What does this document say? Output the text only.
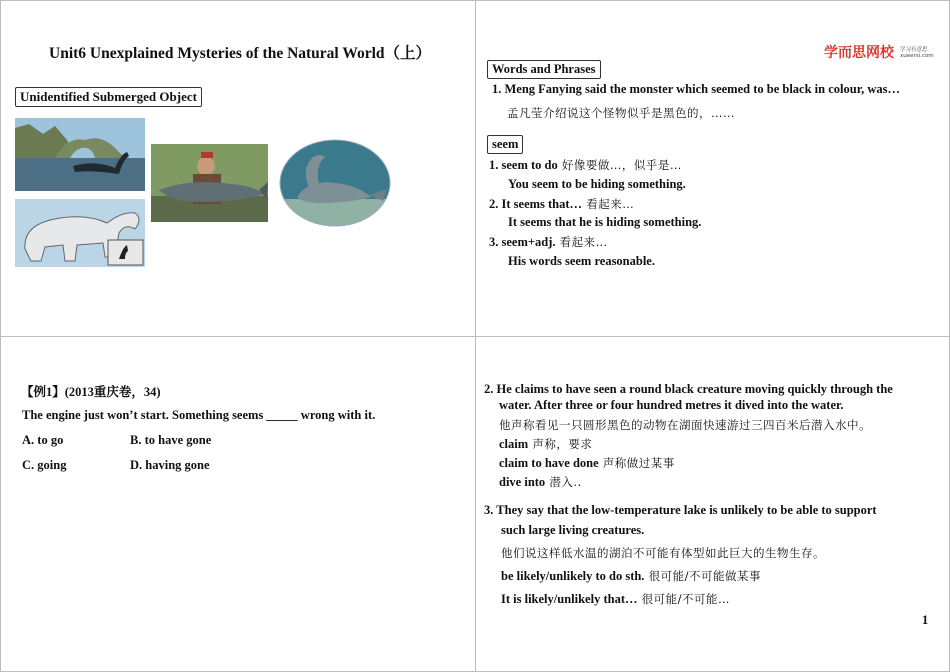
Unit6 Unexplained Mysteries of the Natural World（上）
Unidentified Submerged Object
学而思网校 学习有意思
xueersi.com
Words and Phrases
1. Meng Fanying said the monster which seemed to be black in colour, was…
孟凡莹介绍说这个怪物似乎是黑色的，……
seem
1. seem to do 好像要做…，似乎是…
You seem to be hiding something.
2. It seems that… 看起来…
It seems that he is hiding something.
3. seem+adj. 看起来…
His words seem reasonable.
【例1】(2013重庆卷，34)
The engine just won’t start. Something seems _____ wrong with it.
A. to go	B. to have gone
C. going	D. having gone
2. He claims to have seen a round black creature moving quickly through the
water. After three or four hundred metres it dived into the water.
他声称看见一只圆形黑色的动物在湖面快速游过三四百米后潜入水中。
claim 声称，要求
claim to have done 声称做过某事
dive into 潜入..
3. They say that the low-temperature lake is unlikely to be able to support
such large living creatures.
他们说这样低水温的湖泊不可能有体型如此巨大的生物生存。
be likely/unlikely to do sth. 很可能/不可能做某事
It is likely/unlikely that… 很可能/不可能…
1
